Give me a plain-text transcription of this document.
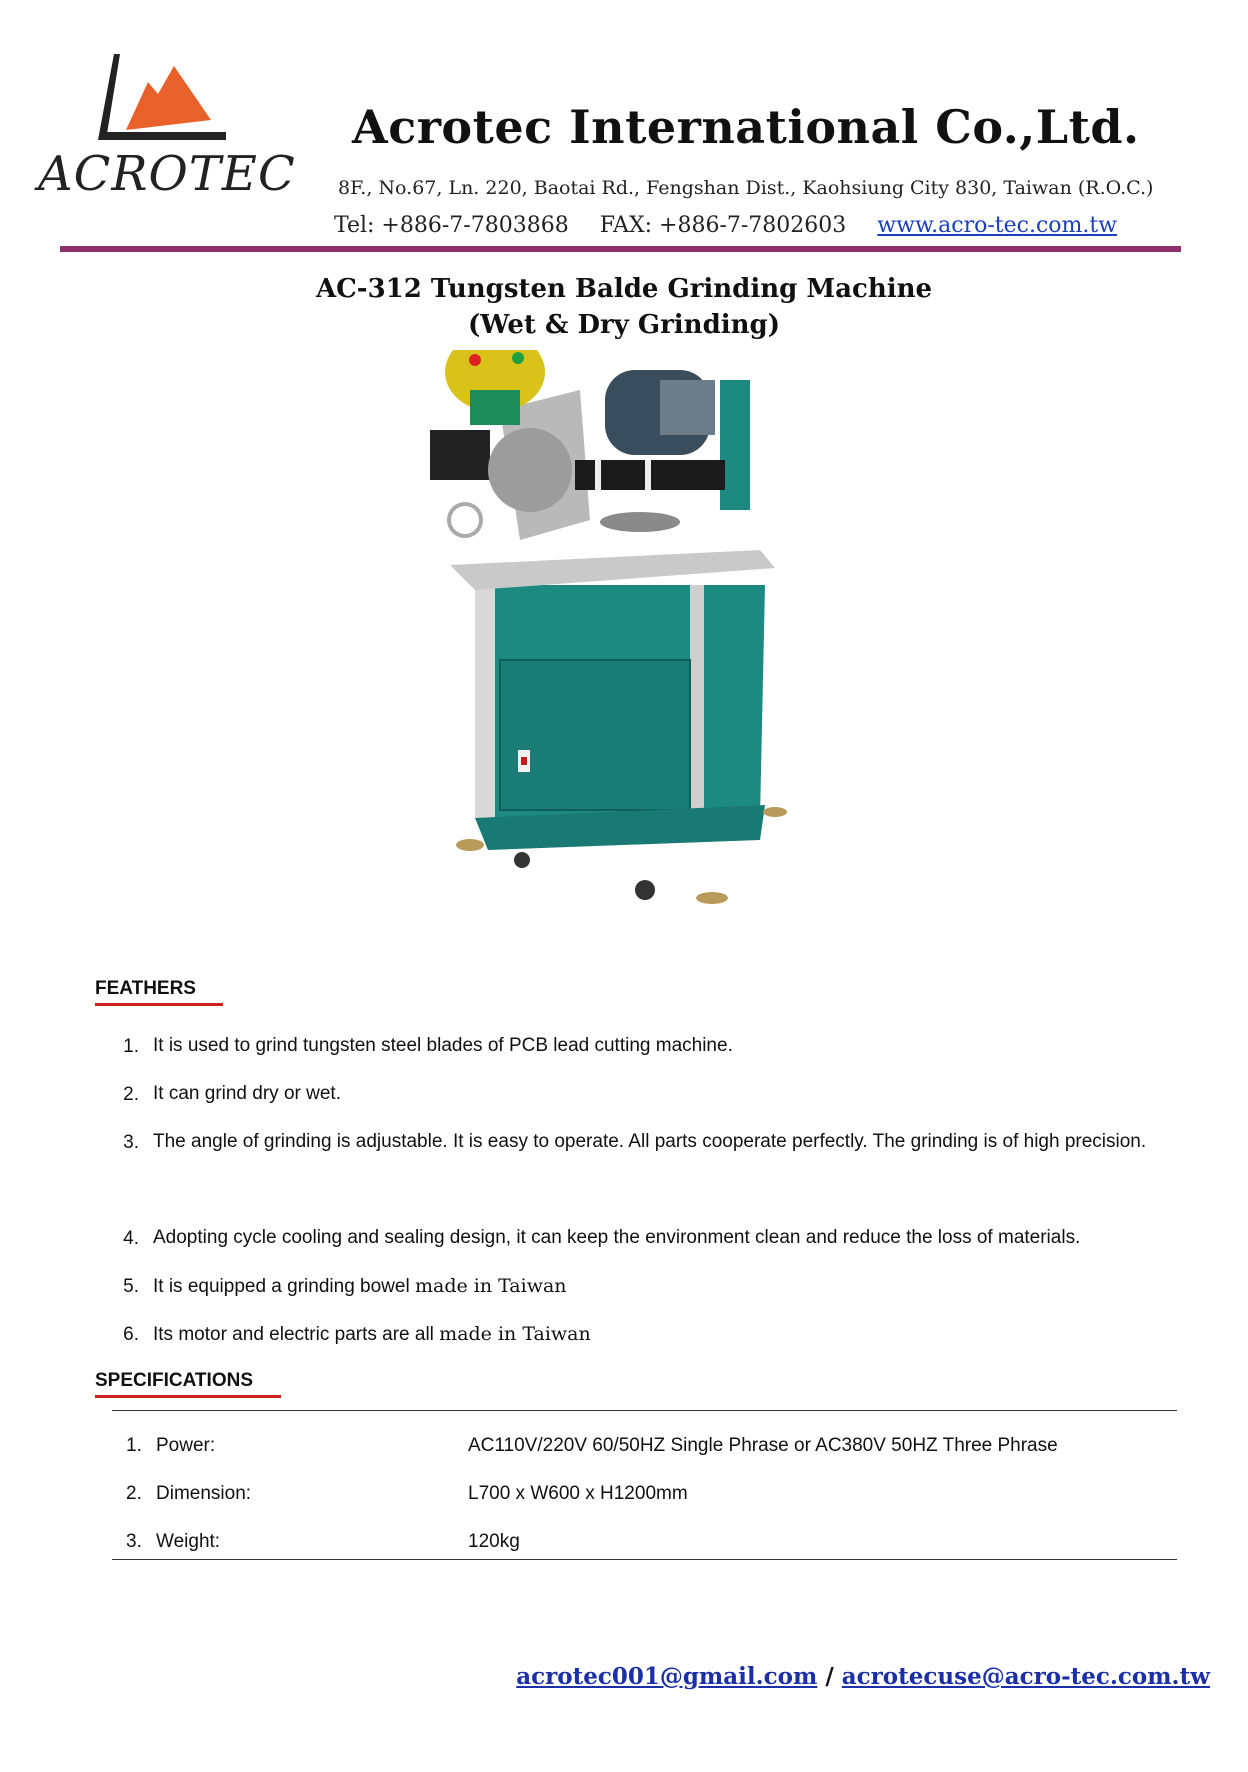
ACROTEC
Acrotec International Co.,Ltd.
8F., No.67, Ln. 220, Baotai Rd., Fengshan Dist., Kaohsiung City 830, Taiwan (R.O.C.)
Tel: +886-7-7803868 FAX: +886-7-7802603 www.acro-tec.com.tw
AC-312 Tungsten Balde Grinding Machine
(Wet & Dry Grinding)
FEATHERS
1. It is used to grind tungsten steel blades of PCB lead cutting machine.
2. It can grind dry or wet.
3. The angle of grinding is adjustable. It is easy to operate. All parts cooperate perfectly. The grinding is of high precision.
4. Adopting cycle cooling and sealing design, it can keep the environment clean and reduce the loss of materials.
5. It is equipped a grinding bowel made in Taiwan
6. Its motor and electric parts are all made in Taiwan
SPECIFICATIONS
1. Power:	AC110V/220V 60/50HZ Single Phrase or AC380V 50HZ Three Phrase
2. Dimension:	L700 x W600 x H1200mm
3. Weight:	120kg
acrotec001@gmail.com / acrotecuse@acro-tec.com.tw
